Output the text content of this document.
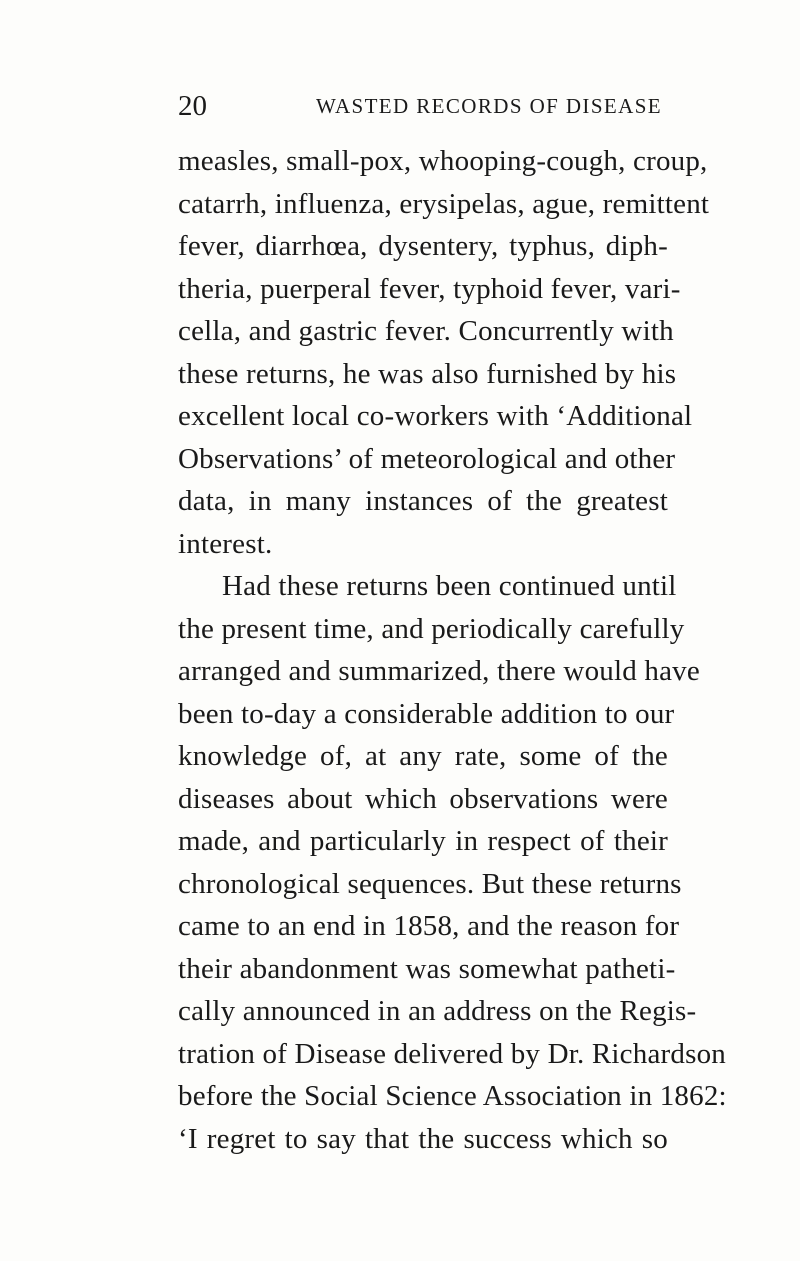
20	WASTED RECORDS OF DISEASE
measles, small-pox, whooping-cough, croup,
catarrh, influenza, erysipelas, ague, remittent
fever, diarrhœa, dysentery, typhus, diph-
theria, puerperal fever, typhoid fever, vari-
cella, and gastric fever. Concurrently with
these returns, he was also furnished by his
excellent local co-workers with ‘Additional
Observations’ of meteorological and other
data, in many instances of the greatest
interest.
Had these returns been continued until
the present time, and periodically carefully
arranged and summarized, there would have
been to-day a considerable addition to our
knowledge of, at any rate, some of the
diseases about which observations were
made, and particularly in respect of their
chronological sequences. But these returns
came to an end in 1858, and the reason for
their abandonment was somewhat patheti-
cally announced in an address on the Regis-
tration of Disease delivered by Dr. Richardson
before the Social Science Association in 1862:
‘I regret to say that the success which so
